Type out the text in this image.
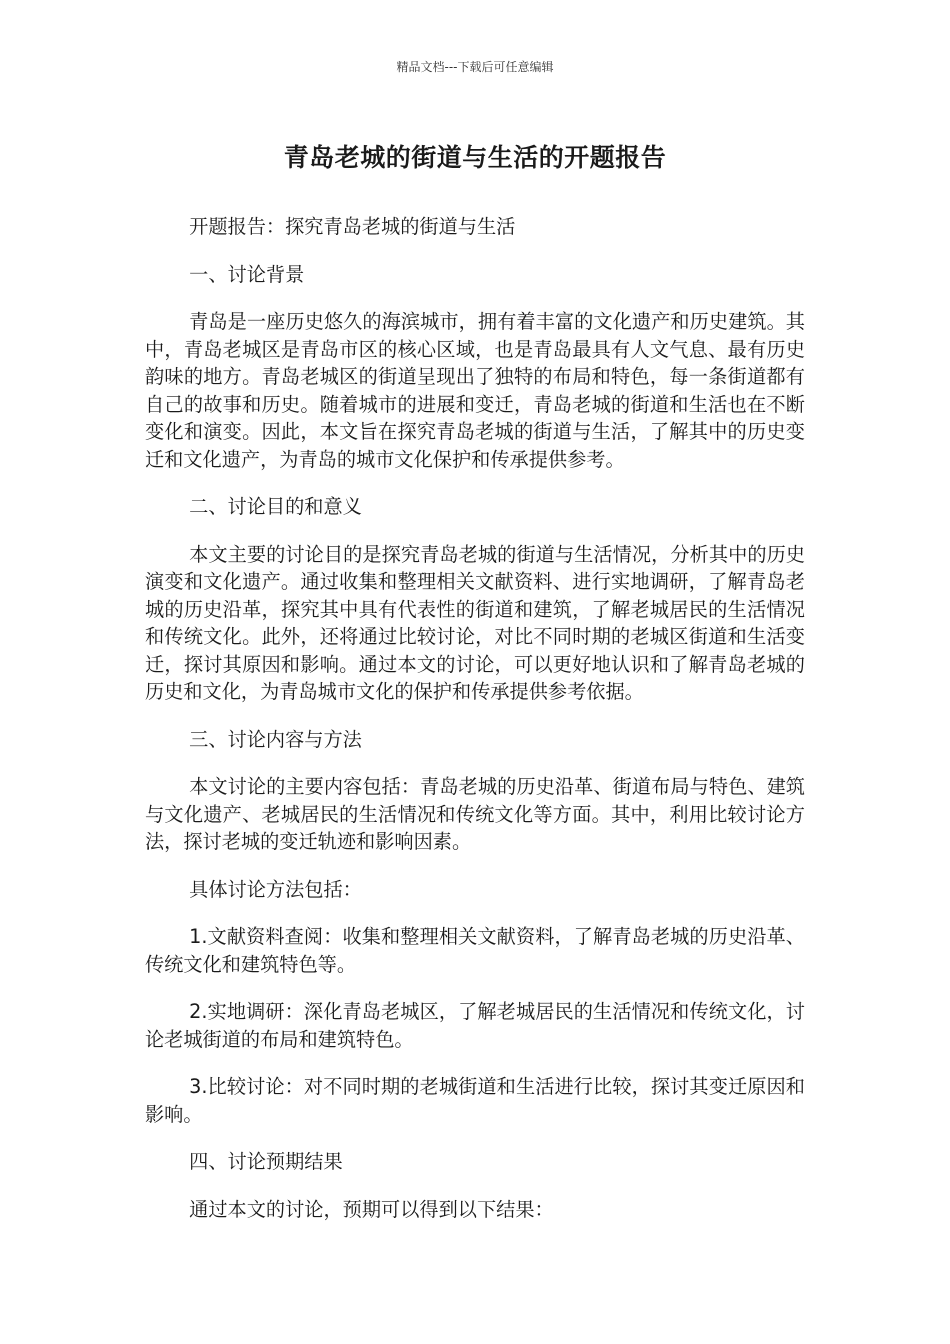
精品文档---下载后可任意编辑
青岛老城的街道与生活的开题报告

开题报告：探究青岛老城的街道与生活

一、讨论背景

青岛是一座历史悠久的海滨城市，拥有着丰富的文化遗产和历史建筑。其中，青岛老城区是青岛市区的核心区域，也是青岛最具有人文气息、最有历史韵味的地方。青岛老城区的街道呈现出了独特的布局和特色，每一条街道都有自己的故事和历史。随着城市的进展和变迁，青岛老城的街道和生活也在不断变化和演变。因此，本文旨在探究青岛老城的街道与生活，了解其中的历史变迁和文化遗产，为青岛的城市文化保护和传承提供参考。

二、讨论目的和意义

本文主要的讨论目的是探究青岛老城的街道与生活情况，分析其中的历史演变和文化遗产。通过收集和整理相关文献资料、进行实地调研，了解青岛老城的历史沿革，探究其中具有代表性的街道和建筑，了解老城居民的生活情况和传统文化。此外，还将通过比较讨论，对比不同时期的老城区街道和生活变迁，探讨其原因和影响。通过本文的讨论，可以更好地认识和了解青岛老城的历史和文化，为青岛城市文化的保护和传承提供参考依据。

三、讨论内容与方法

本文讨论的主要内容包括：青岛老城的历史沿革、街道布局与特色、建筑与文化遗产、老城居民的生活情况和传统文化等方面。其中，利用比较讨论方法，探讨老城的变迁轨迹和影响因素。

具体讨论方法包括：

1.文献资料查阅：收集和整理相关文献资料，了解青岛老城的历史沿革、传统文化和建筑特色等。

2.实地调研：深化青岛老城区，了解老城居民的生活情况和传统文化，讨论老城街道的布局和建筑特色。

3.比较讨论：对不同时期的老城街道和生活进行比较，探讨其变迁原因和影响。

四、讨论预期结果

通过本文的讨论，预期可以得到以下结果：
